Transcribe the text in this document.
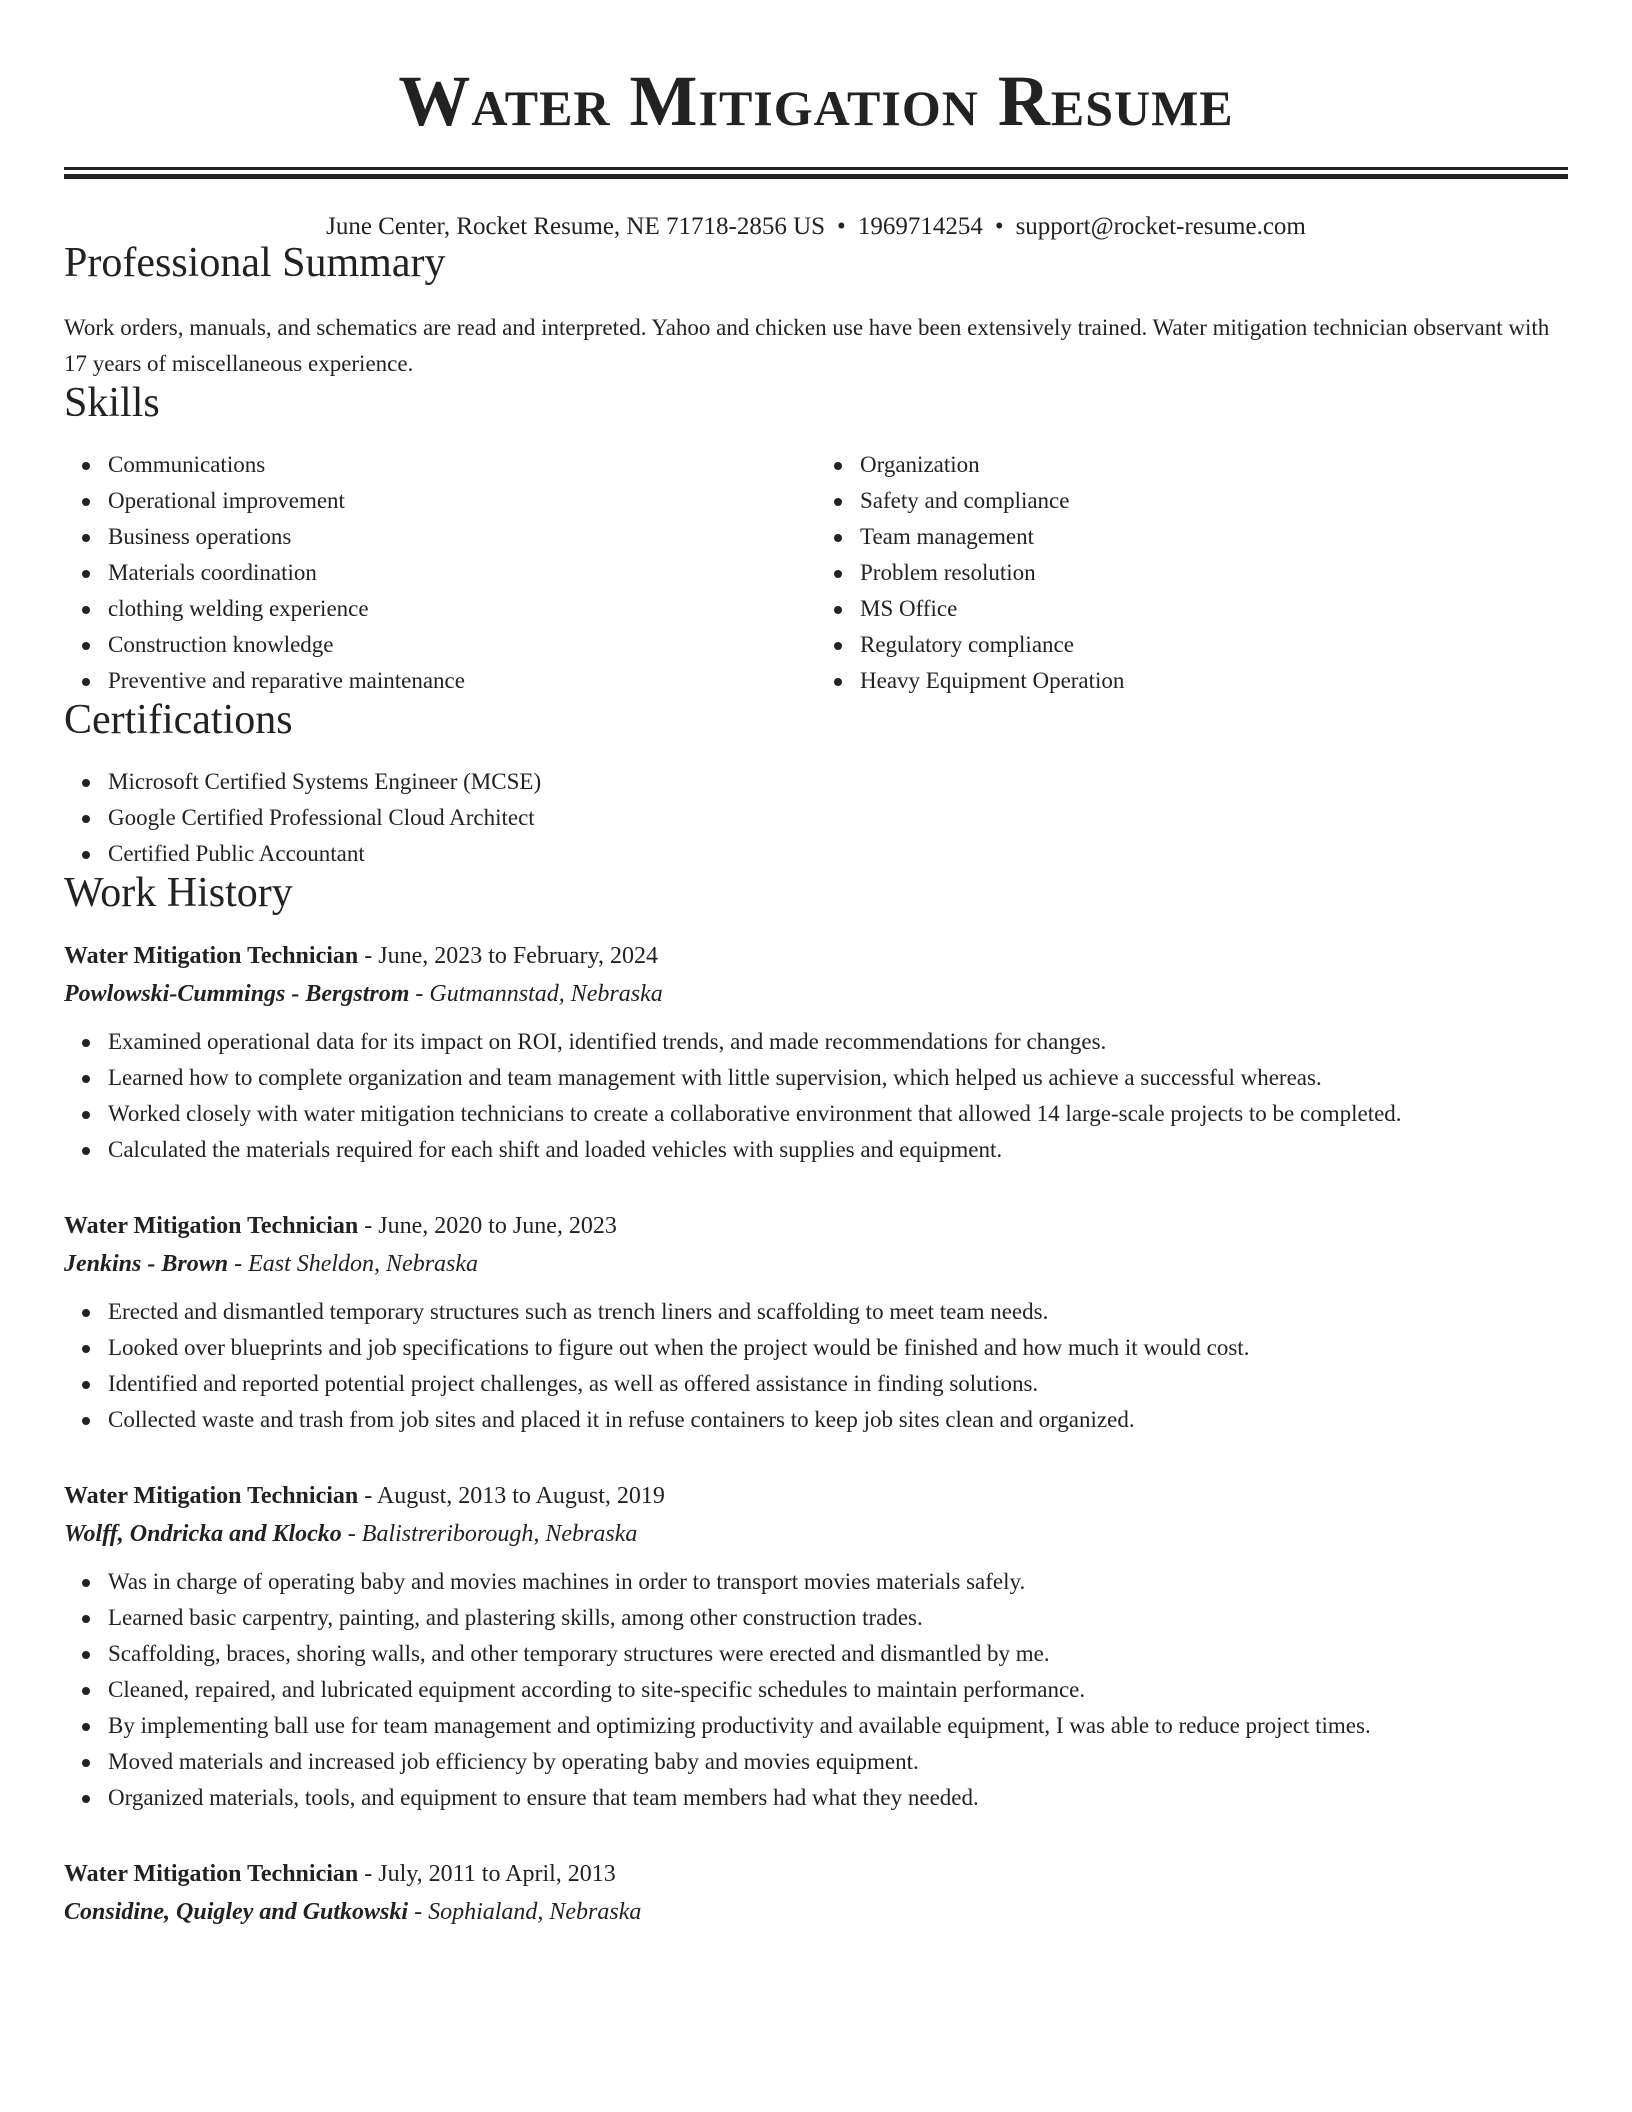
Water Mitigation Resume
June Center, Rocket Resume, NE 71718-2856 US • 1969714254 • support@rocket-resume.com
Professional Summary
Work orders, manuals, and schematics are read and interpreted. Yahoo and chicken use have been extensively trained. Water mitigation technician observant with 17 years of miscellaneous experience.
Skills
Communications
Operational improvement
Business operations
Materials coordination
clothing welding experience
Construction knowledge
Preventive and reparative maintenance
Organization
Safety and compliance
Team management
Problem resolution
MS Office
Regulatory compliance
Heavy Equipment Operation
Certifications
Microsoft Certified Systems Engineer (MCSE)
Google Certified Professional Cloud Architect
Certified Public Accountant
Work History
Water Mitigation Technician - June, 2023 to February, 2024
Powlowski-Cummings - Bergstrom - Gutmannstad, Nebraska
Examined operational data for its impact on ROI, identified trends, and made recommendations for changes.
Learned how to complete organization and team management with little supervision, which helped us achieve a successful whereas.
Worked closely with water mitigation technicians to create a collaborative environment that allowed 14 large-scale projects to be completed.
Calculated the materials required for each shift and loaded vehicles with supplies and equipment.
Water Mitigation Technician - June, 2020 to June, 2023
Jenkins - Brown - East Sheldon, Nebraska
Erected and dismantled temporary structures such as trench liners and scaffolding to meet team needs.
Looked over blueprints and job specifications to figure out when the project would be finished and how much it would cost.
Identified and reported potential project challenges, as well as offered assistance in finding solutions.
Collected waste and trash from job sites and placed it in refuse containers to keep job sites clean and organized.
Water Mitigation Technician - August, 2013 to August, 2019
Wolff, Ondricka and Klocko - Balistreriborough, Nebraska
Was in charge of operating baby and movies machines in order to transport movies materials safely.
Learned basic carpentry, painting, and plastering skills, among other construction trades.
Scaffolding, braces, shoring walls, and other temporary structures were erected and dismantled by me.
Cleaned, repaired, and lubricated equipment according to site-specific schedules to maintain performance.
By implementing ball use for team management and optimizing productivity and available equipment, I was able to reduce project times.
Moved materials and increased job efficiency by operating baby and movies equipment.
Organized materials, tools, and equipment to ensure that team members had what they needed.
Water Mitigation Technician - July, 2011 to April, 2013
Considine, Quigley and Gutkowski - Sophialand, Nebraska
